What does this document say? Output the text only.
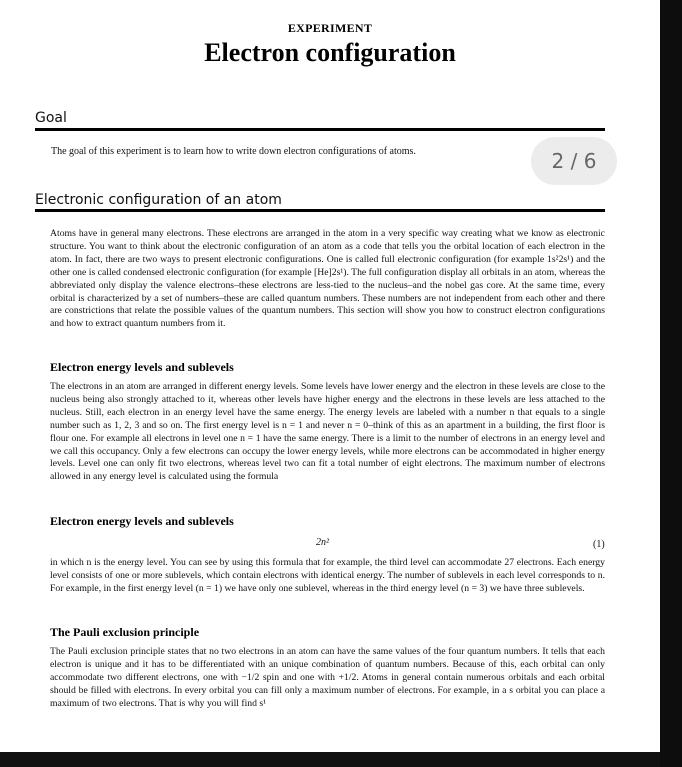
EXPERIMENT
Electron configuration
Goal
The goal of this experiment is to learn how to write down electron configurations of atoms.	2 / 6
Electronic configuration of an atom

Atoms have in general many electrons. These electrons are arranged in the atom in a very specific way creating what we know as electronic structure. You want to think about the electronic configuration of an atom as a code that tells you the orbital location of each electron in the atom. In fact, there are two ways to present electronic configurations. One is called full electronic configuration (for example 1s²2s¹) and the other one is called condensed electronic configuration (for example [He]2s¹). The full configuration display all orbitals in an atom, whereas the abbreviated only display the valence electrons–these electrons are less-tied to the nucleus–and the nobel gas core. At the same time, every orbital is characterized by a set of numbers–these are called quantum numbers. These numbers are not independent from each other and there are constrictions that relate the possible values of the quantum numbers. This section will show you how to construct electron configurations and how to extract quantum numbers from it.

Electron energy levels and sublevels

The electrons in an atom are arranged in different energy levels. Some levels have lower energy and the electron in these levels are close to the nucleus being also strongly attached to it, whereas other levels have higher energy and the electrons in these levels are less attached to the nucleus. Still, each electron in an energy level have the same energy. The energy levels are labeled with a number n that equals to a single number such as 1, 2, 3 and so on. The first energy level is n = 1 and never n = 0–think of this as an apartment in a building, the first floor is flour one. For example all electrons in level one n = 1 have the same energy. There is a limit to the number of electrons in an energy level and we call this occupancy. Only a few electrons can occupy the lower energy levels, while more electrons can be accommodated in higher energy levels. Level one can only fit two electrons, whereas level two can fit a total number of eight electrons. The maximum number of electrons allowed in any energy level is calculated using the formula

Electron energy levels and sublevels
2n²	(1)

in which n is the energy level. You can see by using this formula that for example, the third level can accommodate 27 electrons. Each energy level consists of one or more sublevels, which contain electrons with identical energy. The number of sublevels in each level corresponds to n. For example, in the first energy level (n = 1) we have only one sublevel, whereas in the third energy level (n = 3) we have three sublevels.

The Pauli exclusion principle

The Pauli exclusion principle states that no two electrons in an atom can have the same values of the four quantum numbers. It tells that each electron is unique and it has to be differentiated with an unique combination of quantum numbers. Because of this, each orbital can only accommodate two different electrons, one with −1/2 spin and one with +1/2. Atoms in general contain numerous orbitals and each orbital should be filled with electrons. In every orbital you can fill only a maximum number of electrons. For example, in a s orbital you can place a maximum of two electrons. That is why you will find s¹
